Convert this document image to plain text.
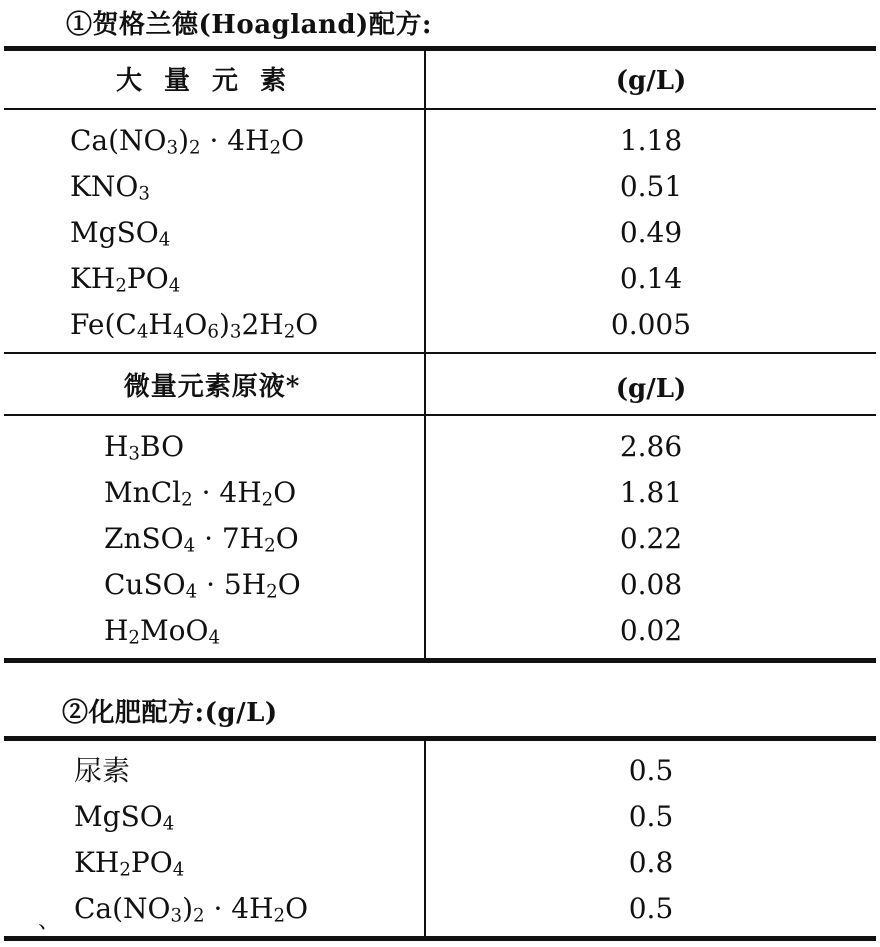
①贺格兰德(Hoagland)配方:
大量元素	(g/L)
$Ca(NO_3)_2 \cdot 4H_2O$	1.18
$KNO_3$	0.51
MgSO$_4$	0.49
$KH_2PO_4$	0.14
$Fe(C_4H_4O_6)_32H_2O$	0.005
微量元素原液*	(g/L)
$H_3BO$	2.86
MnCl$_2$ · $4H_2O$	1.81
ZnSO$_4$ · $7H_2O$	0.22
CuSO$_4$ · $5H_2O$	0.08
$H_2MoO_4$	0.02
②化肥配方:(g/L)
尿素	0.5
MgSO$_4$	0.5
$KH_2PO_4$	0.8
$Ca(NO_3)_2 \cdot 4H_2O$	0.5
、
